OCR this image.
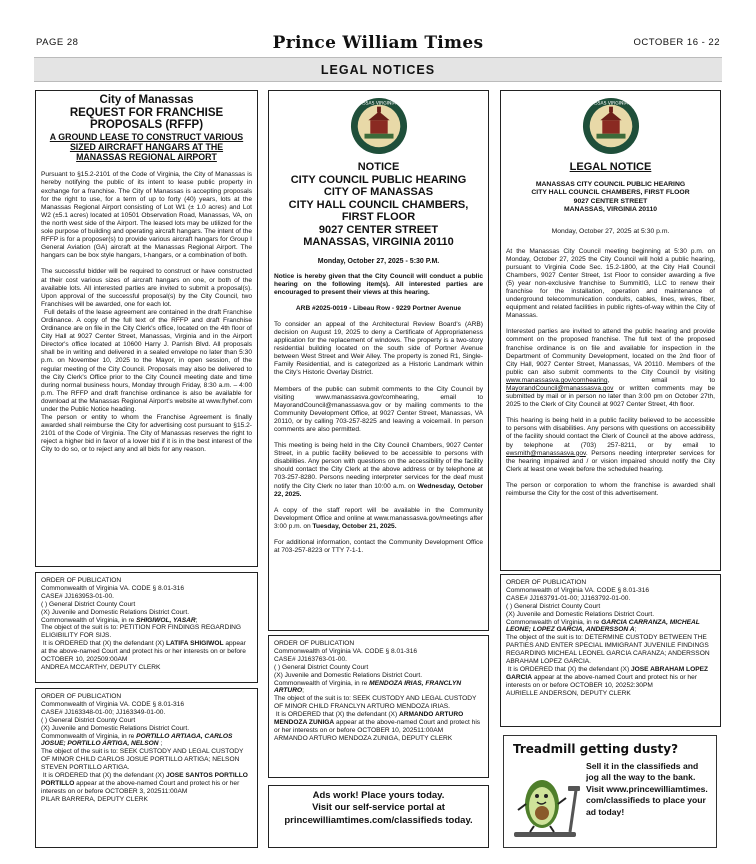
PAGE 28	Prince William Times	OCTOBER 16 - 22
LEGAL NOTICES
City of Manassas
REQUEST FOR FRANCHISE PROPOSALS (RFFP)
A GROUND LEASE TO CONSTRUCT VARIOUS SIZED AIRCRAFT HANGARS AT THE MANASSAS REGIONAL AIRPORT

Pursuant to §15.2-2101 of the Code of Virginia, the City of Manassas is hereby notifying the public of its intent to lease public property in exchange for a franchise. The City of Manassas is accepting proposals for the right to use, for a term of up to forty (40) years, lots at the Manassas Regional Airport consisting of Lot W1 (± 1.0 acres) and Lot W2 (±5.1 acres) located at 10501 Observation Road, Manassas, VA, on the north west side of the Airport. The leased lots may be utilized for the sole purpose of building and operating aircraft hangars. The intent of the RFFP is for a proposer(s) to provide various aircraft hangars for Group I General Aviation (GA) aircraft at the Manassas Regional Airport. The hangars can be box style hangars, t-hangars, or a combination of both.

The successful bidder will be required to construct or have constructed at their cost various sizes of aircraft hangars on one, or both of the available lots. All interested parties are invited to submit a proposal(s). Upon approval of the successful proposal(s) by the City Council, two Franchises will be awarded, one for each lot.

Full details of the lease agreement are contained in the draft Franchise Ordinance. A copy of the full text of the RFFP and draft Franchise Ordinance are on file in the City Clerk's office, located on the 4th floor of City Hall at 9027 Center Street, Manassas, Virginia and in the Airport Director's office located at 10600 Harry J. Parrish Blvd. All proposals shall be in writing and delivered in a sealed envelope no later than 5:30 p.m. on November 10, 2025 to the Mayor, in open session, of the regular meeting of the City Council. Proposals may also be delivered to the City Clerk's Office prior to the City Council meeting date and time during normal business hours, Monday through Friday, 8:30 a.m. – 4:00 p.m. The RFFP and draft franchise ordinance is also be available for download at the Manassas Regional Airport's website at www.flyhef.com under the Public Notice heading.

The person or entity to whom the Franchise Agreement is finally awarded shall reimburse the City for advertising cost pursuant to §15.2-2101 of the Code of Virginia. The City of Manassas reserves the right to reject a higher bid in favor of a lower bid if it is in the best interest of the City to do so, or to reject any and all bids for any reason.

ORDER OF PUBLICATION
Commonwealth of Virginia VA. CODE § 8.01-316
CASE# JJ163953-01-00.
( ) General District County Court
(X) Juvenile and Domestic Relations District Court.
Commonwealth of Virginia, in re SHIGIWOL, YASAR;
The object of the suit is to: PETITION FOR FINDINGS REGARDING ELIGIBILITY FOR SIJS.
It is ORDERED that (X) the defendant (X) LATIFA SHIGIWOL appear at the above-named Court and protect his or her interests on or before OCTOBER 10, 202509:00AM
ANDREA MCCARTHY, DEPUTY CLERK
ORDER OF PUBLICATION
Commonwealth of Virginia VA. CODE § 8.01-316
CASE# JJ163348-01-00; JJ163349-01-00.
( ) General District County Court
(X) Juvenile and Domestic Relations District Court.
Commonwealth of Virginia, in re PORTILLO ARTIAGA, CARLOS JOSUE; PORTILLO ARTIGA, NELSON ;
The object of the suit is to: SEEK CUSTODY AND LEGAL CUSTODY OF MINOR CHILD CARLOS JOSUE PORTILLO ARTIGA; NELSON STEVEN PORTILLO ARTIGA.
It is ORDERED that (X) the defendant (X) JOSE SANTOS PORTILLO PORTILLO appear at the above-named Court and protect his or her interests on or before OCTOBER 3, 202511:00AM
PILAR BARRERA, DEPUTY CLERK
MANASSAS VIRGINIA 1873
NOTICE
CITY COUNCIL PUBLIC HEARING
CITY OF MANASSAS
CITY HALL COUNCIL CHAMBERS, FIRST FLOOR
9027 CENTER STREET
MANASSAS, VIRGINIA 20110
Monday, October 27, 2025 - 5:30 P.M.

Notice is hereby given that the City Council will conduct a public hearing on the following item(s). All interested parties are encouraged to present their views at this hearing.

ARB #2025-0019 - Libeau Row - 9229 Portner Avenue

To consider an appeal of the Architectural Review Board's (ARB) decision on August 19, 2025 to deny a Certificate of Appropriateness application for the replacement of windows. The property is a two-story residential building located on the south side of Portner Avenue between West Street and Weir Alley. The property is zoned R1, Single-Family Residential, and is categorized as a Historic Landmark within the City's Historic Overlay District.

Members of the public can submit comments to the City Council by visiting www.manassasva.gov/comhearing, email to MayorandCouncil@manassasva.gov or by mailing comments to the Community Development Office, at 9027 Center Street, Manassas, VA 20110, or by calling 703-257-8225 and leaving a voicemail. In person comments are also permitted.

This meeting is being held in the City Council Chambers, 9027 Center Street, in a public facility believed to be accessible to persons with disabilities. Any person with questions on the accessibility of the facility should contact the City Clerk at the above address or by telephone at 703-257-8280. Persons needing interpreter services for the deaf must notify the City Clerk no later than 10:00 a.m. on Wednesday, October 22, 2025.

A copy of the staff report will be available in the Community Development Office and online at www.manassasva.gov/meetings after 3:00 p.m. on Tuesday, October 21, 2025.

For additional information, contact the Community Development Office at 703-257-8223 or TTY 7-1-1.

ORDER OF PUBLICATION
Commonwealth of Virginia VA. CODE § 8.01-316
CASE# JJ163763-01-00.
( ) General District County Court
(X) Juvenile and Domestic Relations District Court.
Commonwealth of Virginia, in re MENDOZA IRIAS, FRANCLYN ARTURO;
The object of the suit is to: SEEK CUSTODY AND LEGAL CUSTODY OF MINOR CHILD FRANCLYN ARTURO MENDOZA IRIAS.
It is ORDERED that (X) the defendant (X) ARMANDO ARTURO MENDOZA ZUNIGA appear at the above-named Court and protect his or her interests on or before OCTOBER 10, 202511:00AM
ARMANDO ARTURO MENDOZA ZUNIGA, DEPUTY CLERK
Ads work! Place yours today.
Visit our self-service portal at
princewilliamtimes.com/classifieds today.
MANASSAS VIRGINIA 1873
LEGAL NOTICE
MANASSAS CITY COUNCIL PUBLIC HEARING
CITY HALL COUNCIL CHAMBERS, FIRST FLOOR
9027 CENTER STREET
MANASSAS, VIRGINIA 20110
Monday, October 27, 2025 at 5:30 p.m.

At the Manassas City Council meeting beginning at 5:30 p.m. on Monday, October 27, 2025 the City Council will hold a public hearing, pursuant to Virginia Code Sec. 15.2-1800, at the City Hall Council Chambers, 9027 Center Street, 1st Floor to consider awarding a five (5) year non-exclusive franchise to SummitIG, LLC to renew their franchise for the installation, operation and maintenance of underground telecommunication conduits, cables, lines, wires, fiber, equipment and related facilities in public rights-of-way within the City of Manassas.

Interested parties are invited to attend the public hearing and provide comment on the proposed franchise. The full text of the proposed franchise ordinance is on file and available for inspection in the Department of Community Development, located on the 2nd floor of City Hall, 9027 Center Street, Manassas, VA 20110. Members of the public can also submit comments to the City Council by visiting www.manassasva.gov/comhearing, email to MayorandCouncil@manassasva.gov or written comments may be submitted by mail or in person no later than 3:00 pm on October 27th, 2025 to the Clerk of City Council at 9027 Center Street, 4th floor.

This hearing is being held in a public facility believed to be accessible to persons with disabilities. Any persons with questions on accessibility of the facility should contact the Clerk of Council at the above address, by telephone at (703) 257-8211, or by email to ewsmith@manassasva.gov. Persons needing interpreter services for the hearing impaired and / or vision impaired should notify the City Clerk at least one week before the scheduled hearing.

The person or corporation to whom the franchise is awarded shall reimburse the City for the cost of this advertisement.

ORDER OF PUBLICATION
Commonwealth of Virginia VA. CODE § 8.01-316
CASE# JJ163791-01-00; JJ163792-01-00.
( ) General District County Court
(X) Juvenile and Domestic Relations District Court.
Commonwealth of Virginia, in re GARCIA CARRANZA, MICHEAL LEONE; LOPEZ GARCIA, ANDERSSON A;
The object of the suit is to: DETERMINE CUSTODY BETWEEN THE PARTIES AND ENTER SPECIAL IMMIGRANT JUVENILE FINDINGS REGARDING MICHEAL LEONEL GARCIA CARANZA; ANDERSSON ABRAHAM LOPEZ GARCIA.
It is ORDERED that (X) the defendant (X) JOSE ABRAHAM LOPEZ GARCIA appear at the above-named Court and protect his or her interests on or before OCTOBER 10, 20252:30PM
AURIELLE ANDERSON, DEPUTY CLERK
Treadmill getting dusty?
Sell it in the classifieds and
jog all the way to the bank.
Visit www.princewilliamtimes.
com/classifieds to place your
ad today!
